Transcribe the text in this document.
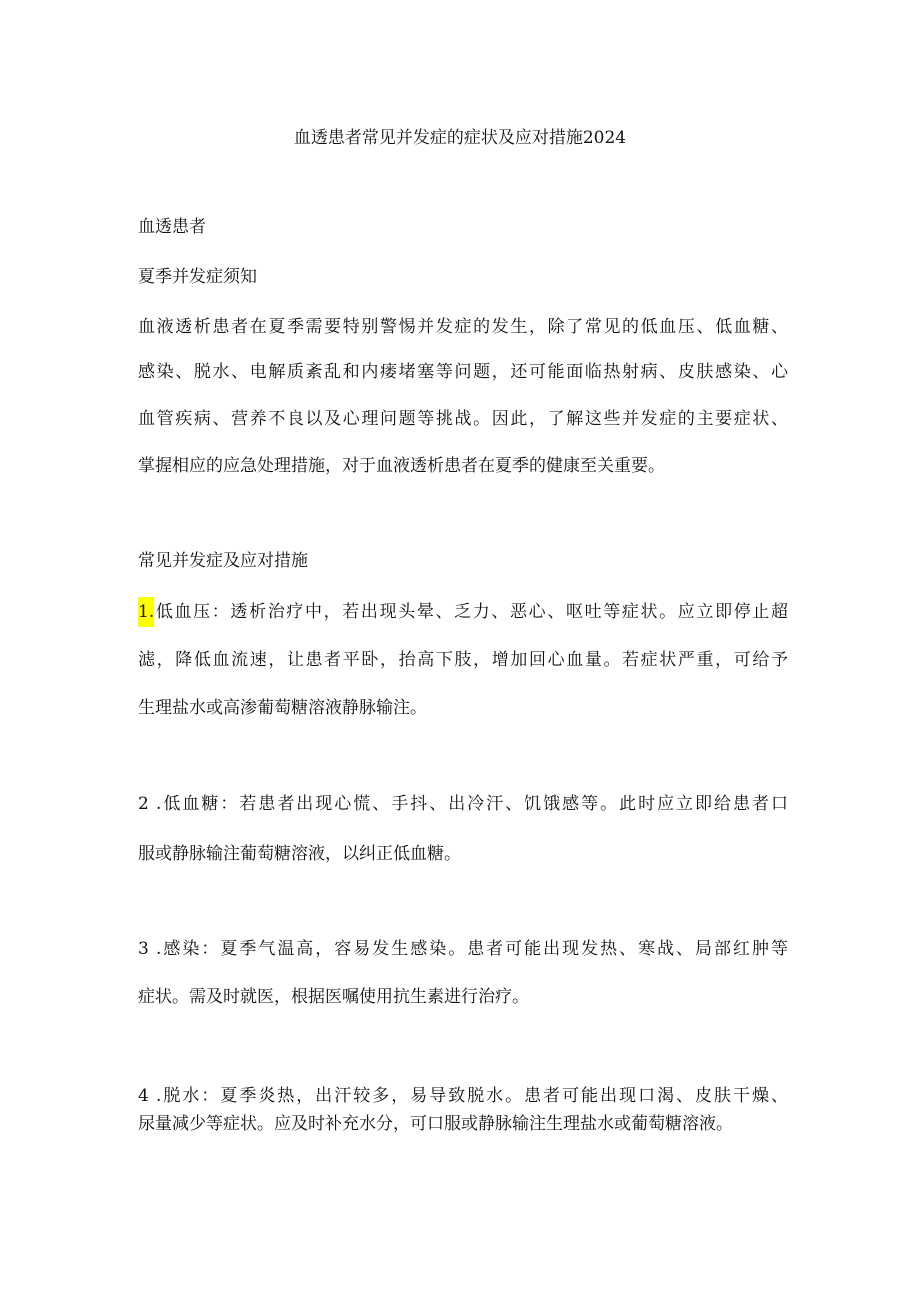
血透患者常见并发症的症状及应对措施2024
血透患者
夏季并发症须知
血液透析患者在夏季需要特别警惕并发症的发生，除了常见的低血压、低血糖、
感染、脱水、电解质紊乱和内瘘堵塞等问题，还可能面临热射病、皮肤感染、心
血管疾病、营养不良以及心理问题等挑战。因此，了解这些并发症的主要症状、
掌握相应的应急处理措施，对于血液透析患者在夏季的健康至关重要。
常见并发症及应对措施
1.低血压：透析治疗中，若出现头晕、乏力、恶心、呕吐等症状。应立即停止超
滤，降低血流速，让患者平卧，抬高下肢，增加回心血量。若症状严重，可给予
生理盐水或高渗葡萄糖溶液静脉输注。
2 .低血糖：若患者出现心慌、手抖、出冷汗、饥饿感等。此时应立即给患者口
服或静脉输注葡萄糖溶液，以纠正低血糖。
3 .感染：夏季气温高，容易发生感染。患者可能出现发热、寒战、局部红肿等
症状。需及时就医，根据医嘱使用抗生素进行治疗。
4 .脱水：夏季炎热，出汗较多，易导致脱水。患者可能出现口渴、皮肤干燥、
尿量减少等症状。应及时补充水分，可口服或静脉输注生理盐水或葡萄糖溶液。
